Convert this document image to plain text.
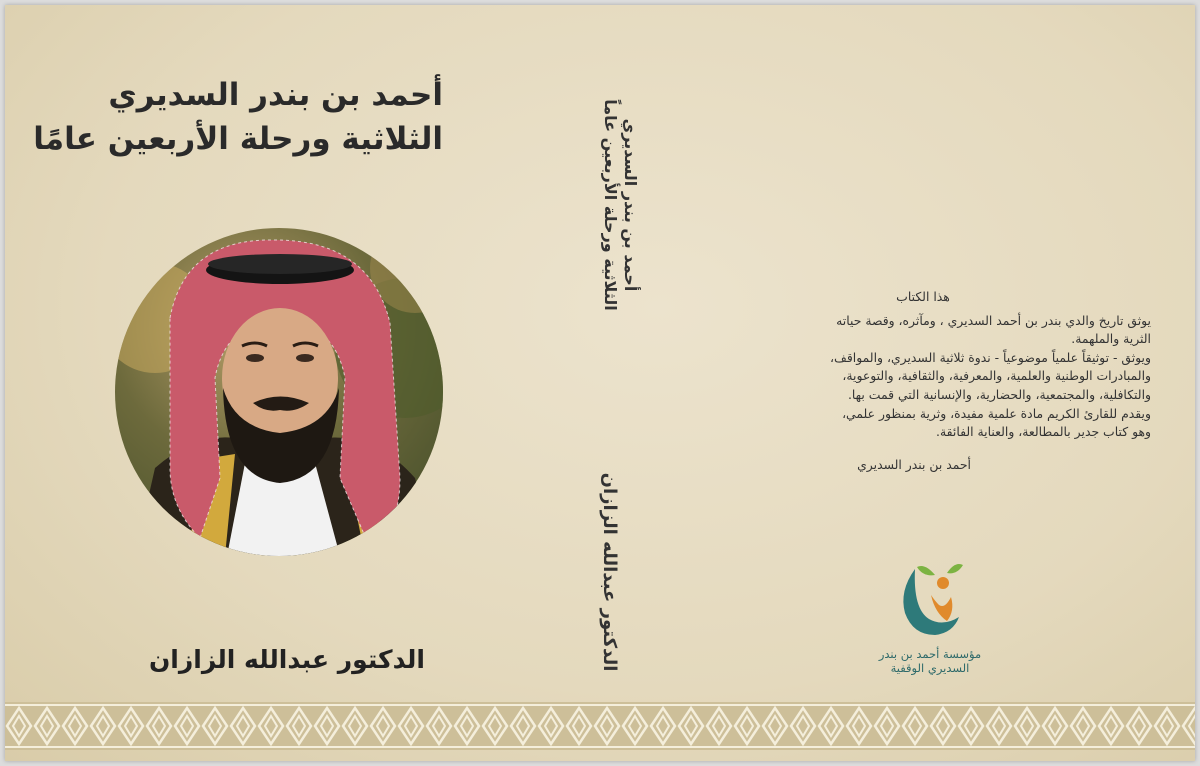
أحمد بن بندر السديري
الثلاثية ورحلة الأربعين عامًا
الدكتور عبدالله الزازان
أحمد بن بندر السديري
الثلاثية ورحلة الأربعين عاماً
الدكتور عبدالله الزازان
هذا الكتاب

يوثق تاريخ والدي بندر بن أحمد السديري ، ومآثره، وقصة حياته
الثرية والملهمة.
ويوثق - توثيقاً علمياً موضوعياً - ندوة ثلاثية السديري، والمواقف،
والمبادرات الوطنية والعلمية، والمعرفية، والثقافية، والتوعوية،
والتكافلية، والمجتمعية، والحضارية، والإنسانية التي قمت بها.
ويقدم للقارئ الكريم مادة علمية مفيدة، وثرية بمنظور علمي،
وهو كتاب جدير بالمطالعة، والعناية الفائقة.

أحمد بن بندر السديري
مؤسسة أحمد بن بندر
السديري الوقفية
